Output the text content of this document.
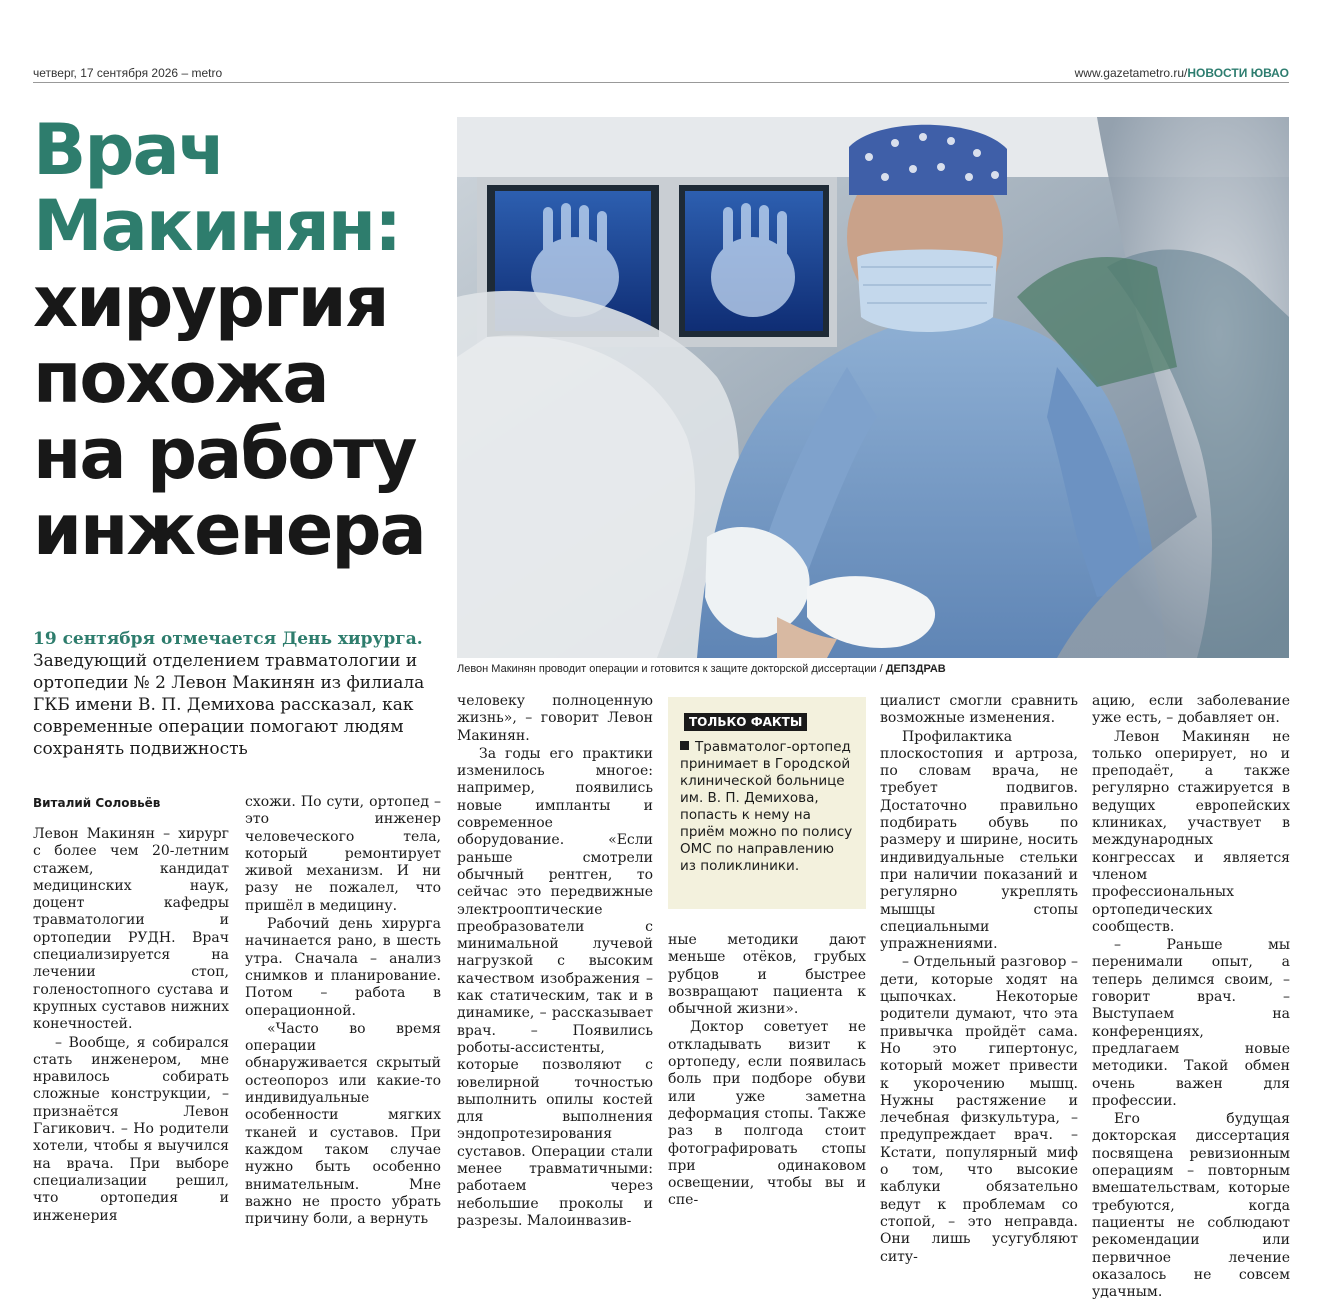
четверг, 17 сентября 2026 – metro	www.gazetametro.ru/НОВОСТИ ЮВАО
Врач
Макинян:
хирургия
похожа
на работу
инженера
19 сентября отмечается День хирурга.
Заведующий отделением травматологии и ортопедии № 2 Левон Макинян из филиала ГКБ имени В. П. Демихова рассказал, как современные операции помогают людям сохранять подвижность
Левон Макинян проводит операции и готовится к защите докторской диссертации / ДЕПЗДРАВ
Виталий Соловьёв

Левон Макинян – хирург с более чем 20-летним стажем, кандидат медицинских наук, доцент кафедры травматологии и ортопедии РУДН. Врач специализируется на лечении стоп, голеностопного сустава и крупных суставов нижних конечностей.

– Вообще, я собирался стать инженером, мне нравилось собирать сложные конструкции, – признаётся Левон Гагикович. – Но родители хотели, чтобы я выучился на врача. При выборе специализации решил, что ортопедия и инженерия

схожи. По сути, ортопед – это инженер человеческого тела, который ремонтирует живой механизм. И ни разу не пожалел, что пришёл в медицину.

Рабочий день хирурга начинается рано, в шесть утра. Сначала – анализ снимков и планирование. Потом – работа в операционной.

«Часто во время операции обнаруживается скрытый остеопороз или какие-то индивидуальные особенности мягких тканей и суставов. При каждом таком случае нужно быть особенно внимательным. Мне важно не просто убрать причину боли, а вернуть

человеку полноценную жизнь», – говорит Левон Макинян.

За годы его практики изменилось многое: например, появились новые импланты и современное оборудование. «Если раньше смотрели обычный рентген, то сейчас это передвижные электрооптические преобразователи с минимальной лучевой нагрузкой с высоким качеством изображения – как статическим, так и в динамике, – рассказывает врач. – Появились роботы-ассистенты, которые позволяют с ювелирной точностью выполнить опилы костей для выполнения эндопротезирования суставов. Операции стали менее травматичными: работаем через небольшие проколы и разрезы. Малоинвазив-

ТОЛЬКО ФАКТЫ
Травматолог-ортопед принимает в Городской клинической больнице им. В. П. Демихова, попасть к нему на приём можно по полису ОМС по направлению из поликлиники.

ные методики дают меньше отёков, грубых рубцов и быстрее возвращают пациента к обычной жизни».

Доктор советует не откладывать визит к ортопеду, если появилась боль при подборе обуви или уже заметна деформация стопы. Также раз в полгода стоит фотографировать стопы при одинаковом освещении, чтобы вы и спе-

циалист смогли сравнить возможные изменения.

Профилактика плоскостопия и артроза, по словам врача, не требует подвигов. Достаточно правильно подбирать обувь по размеру и ширине, носить индивидуальные стельки при наличии показаний и регулярно укреплять мышцы стопы специальными упражнениями.

– Отдельный разговор – дети, которые ходят на цыпочках. Некоторые родители думают, что эта привычка пройдёт сама. Но это гипертонус, который может привести к укорочению мышц. Нужны растяжение и лечебная физкультура, – предупреждает врач. – Кстати, популярный миф о том, что высокие каблуки обязательно ведут к проблемам со стопой, – это неправда. Они лишь усугубляют ситу-

ацию, если заболевание уже есть, – добавляет он.

Левон Макинян не только оперирует, но и преподаёт, а также регулярно стажируется в ведущих европейских клиниках, участвует в международных конгрессах и является членом профессиональных ортопедических сообществ.

– Раньше мы перенимали опыт, а теперь делимся своим, – говорит врач. – Выступаем на конференциях, предлагаем новые методики. Такой обмен очень важен для профессии.

Его будущая докторская диссертация посвящена ревизионным операциям – повторным вмешательствам, которые требуются, когда пациенты не соблюдают рекомендации или первичное лечение оказалось не совсем удачным.
